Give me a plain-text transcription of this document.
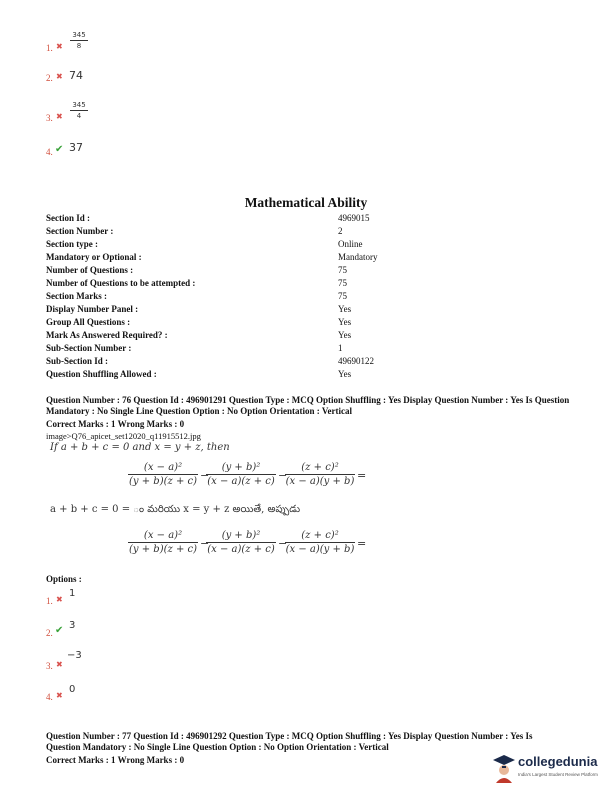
1. ✖
345
8
2. ✖ 74
3. ✖
345
4
4. ✔ 37
Mathematical Ability
Section Id :	4969015
Section Number :	2
Section type :	Online
Mandatory or Optional :	Mandatory
Number of Questions :	75
Number of Questions to be attempted :	75
Section Marks :	75
Display Number Panel :	Yes
Group All Questions :	Yes
Mark As Answered Required? :	Yes
Sub-Section Number :	1
Sub-Section Id :	49690122
Question Shuffling Allowed :	Yes
Question Number : 76 Question Id : 496901291 Question Type : MCQ Option Shuffling : Yes Display Question Number : Yes Is Question Mandatory : No Single Line Question Option : No Option Orientation : Vertical
Correct Marks : 1 Wrong Marks : 0
image>Q76_apicet_set12020_q11915512.jpg
If a + b + c = 0 and x = y + z, then
(x − a)²
(y + b)(z + c) −
(y + b)²
(x − a)(z + c) −
(z + c)²
(x − a)(y + b) =
a + b + c = 0 = ం మరియు x = y + z అయితే, అప్పుడు
(x − a)²
(y + b)(z + c) −
(y + b)²
(x − a)(z + c) −
(z + c)²
(x − a)(y + b) =
Options :
1. ✖
1
2. ✔ 3
3. ✖
−3
4. ✖
0
Question Number : 77 Question Id : 496901292 Question Type : MCQ Option Shuffling : Yes Display Question Number : Yes Is Question Mandatory : No Single Line Question Option : No Option Orientation : Vertical
Correct Marks : 1 Wrong Marks : 0	collegedunia
India's Largest Student Review Platform
